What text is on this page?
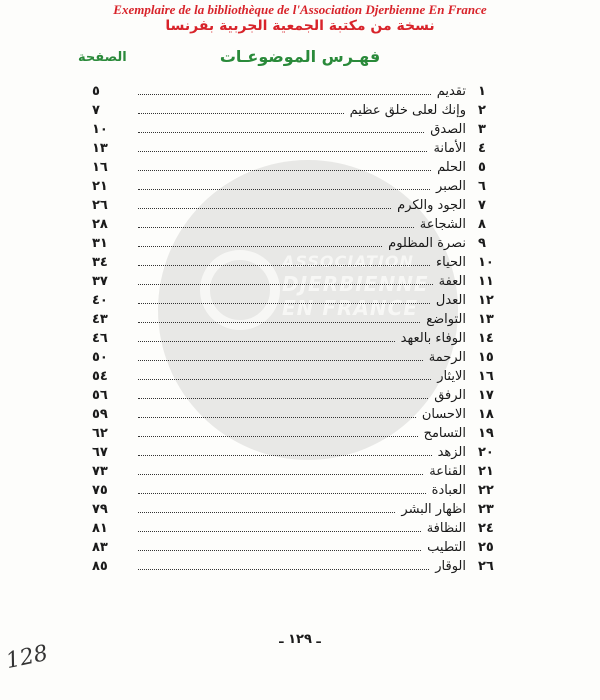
Exemplaire de la bibliothèque de l'Association Djerbienne En France
نسخة من مكتبة الجمعية الجربية بفرنسا
ASSOCIATION
DJERBIENNE
EN FRANCE
الصفحة	فهـرس الموضوعـات
٥	تقديم ١
٧	وإنك لعلى خلق عظيم ٢
١٠	الصدق ٣
١٣	الأمانة ٤
١٦	الحلم ٥
٢١	الصبر ٦
٢٦	الجود والكرم ٧
٢٨	الشجاعة ٨
٣١	نصرة المظلوم ٩
٣٤	الحياء ١٠
٣٧	العفة ١١
٤٠	العدل ١٢
٤٣	التواضع ١٣
٤٦	الوفاء بالعهد ١٤
٥٠	الرحمة ١٥
٥٤	الايثار ١٦
٥٦	الرفق ١٧
٥٩	الاحسان ١٨
٦٢	التسامح ١٩
٦٧	الزهد ٢٠
٧٣	القناعة ٢١
٧٥	العبادة ٢٢
٧٩	اظهار البشر ٢٣
٨١	النظافة ٢٤
٨٣	التطيب ٢٥
٨٥	الوقار ٢٦
ـ ١٢٩ ـ
128
